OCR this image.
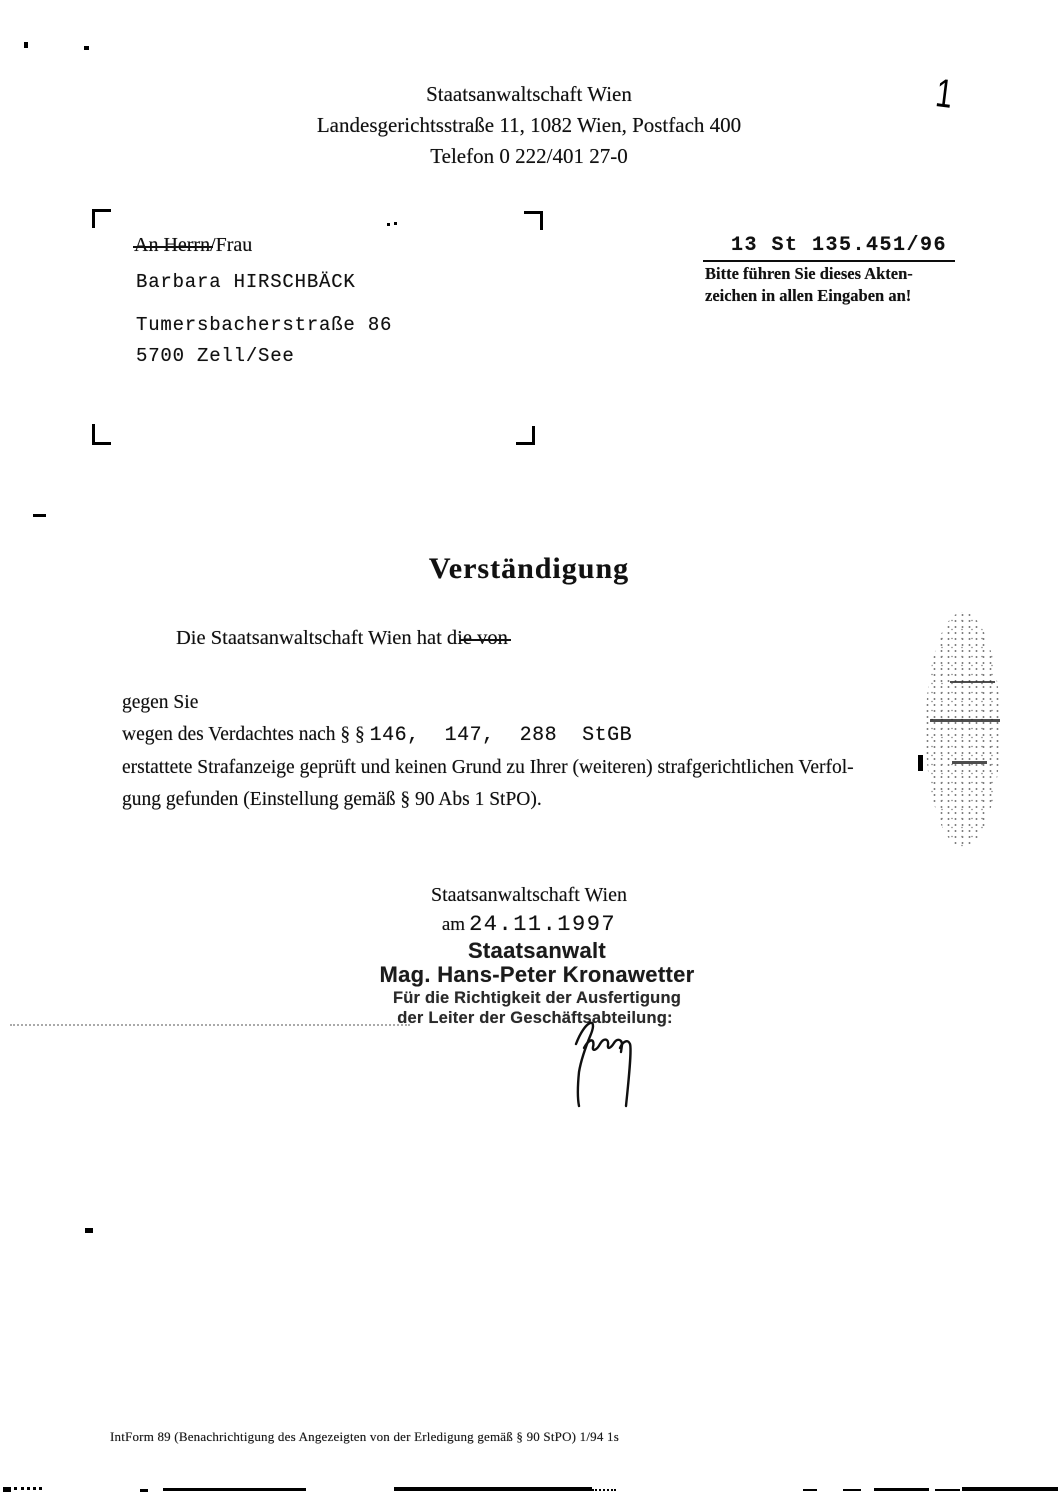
Staatsanwaltschaft Wien
Landesgerichtsstraße 11, 1082 Wien, Postfach 400
Telefon 0 222/401 27-0
1
An Herrn/Frau
Barbara HIRSCHBÄCK
Tumersbacherstraße 86
5700 Zell/See
13 St 135.451/96
Bitte führen Sie dieses Akten-
zeichen in allen Eingaben an!
Verständigung
Die Staatsanwaltschaft Wien hat die von
gegen Sie
wegen des Verdachtes nach § § 146,  147,  288  StGB
erstattete Strafanzeige geprüft und keinen Grund zu Ihrer (weiteren) strafgerichtlichen Verfol-
gung gefunden (Einstellung gemäß § 90 Abs 1 StPO).
Staatsanwaltschaft Wien
am 24.11.1997
Staatsanwalt
Mag. Hans-Peter Kronawetter
Für die Richtigkeit der Ausfertigung
der Leiter der Geschäftsabteilung:
IntForm 89 (Benachrichtigung des Angezeigten von der Erledigung gemäß § 90 StPO) 1/94 1s
